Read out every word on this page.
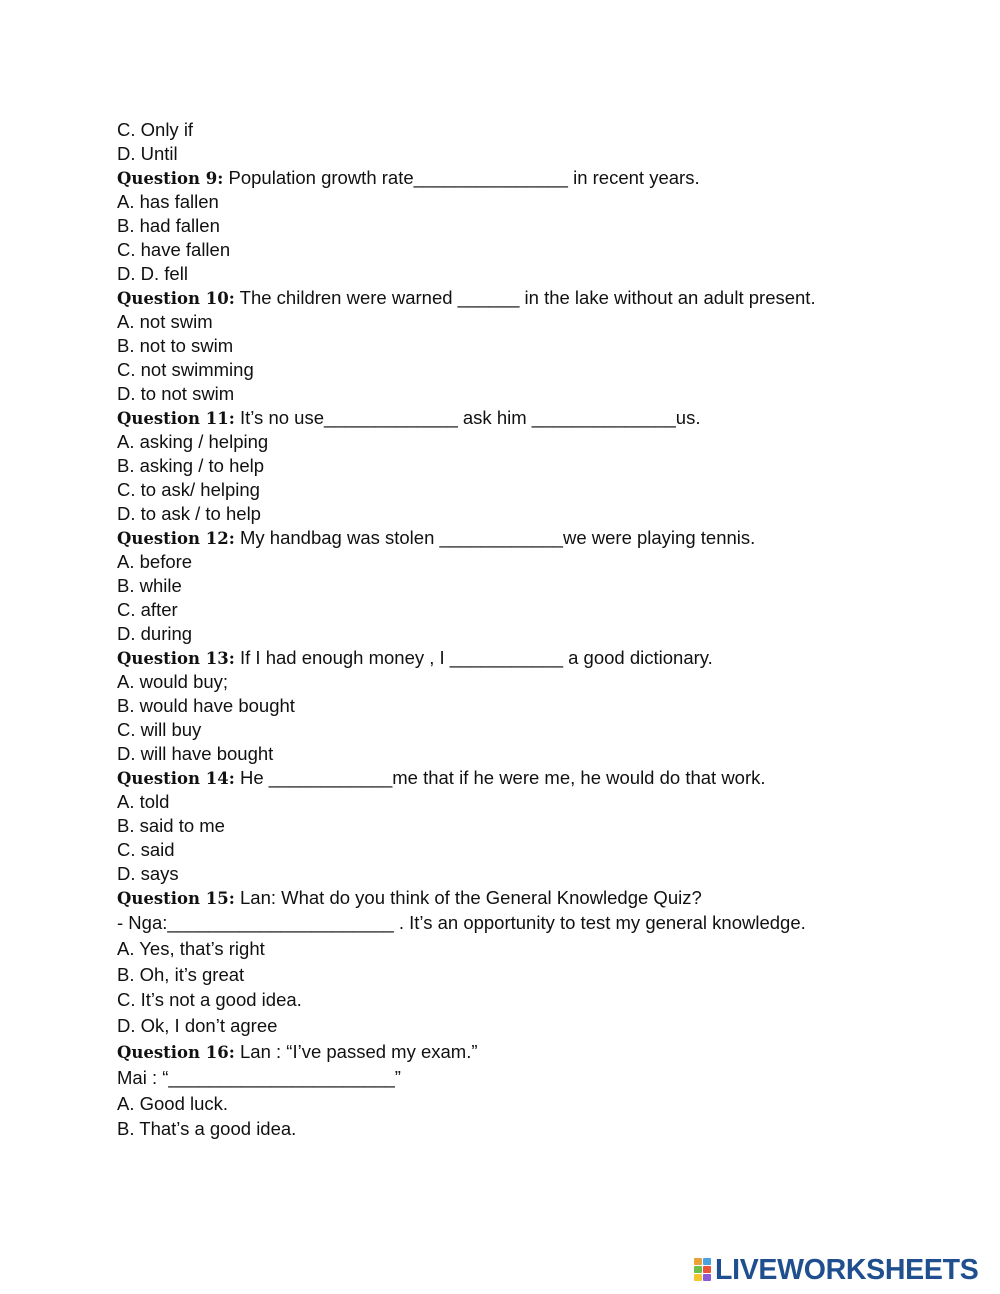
C. Only if
D. Until
Question 9: Population growth rate_______________ in recent years.
A. has fallen
B. had fallen
C. have fallen
D. D. fell
Question 10: The children were warned ______ in the lake without an adult present.
A. not swim
B. not to swim
C. not swimming
D. to not swim
Question 11: It’s no use_____________ ask him ______________us.
A. asking / helping
B. asking / to help
C. to ask/ helping
D. to ask / to help
Question 12: My handbag was stolen ____________we were playing tennis.
A. before
B. while
C. after
D. during
Question 13: If I had enough money , I ___________ a good dictionary.
A. would buy;
B. would have bought
C. will buy
D. will have bought
Question 14: He ____________me that if he were me, he would do that work.
A. told
B. said to me
C. said
D. says
Question 15: Lan: What do you think of the General Knowledge Quiz?
- Nga:______________________ . It’s an opportunity to test my general knowledge.
A. Yes, that’s right
B. Oh, it’s great
C. It’s not a good idea.
D. Ok, I don’t agree
Question 16: Lan : “I’ve passed my exam.”
Mai : “______________________”
A. Good luck.
B. That’s a good idea.
LIVEWORKSHEETS
